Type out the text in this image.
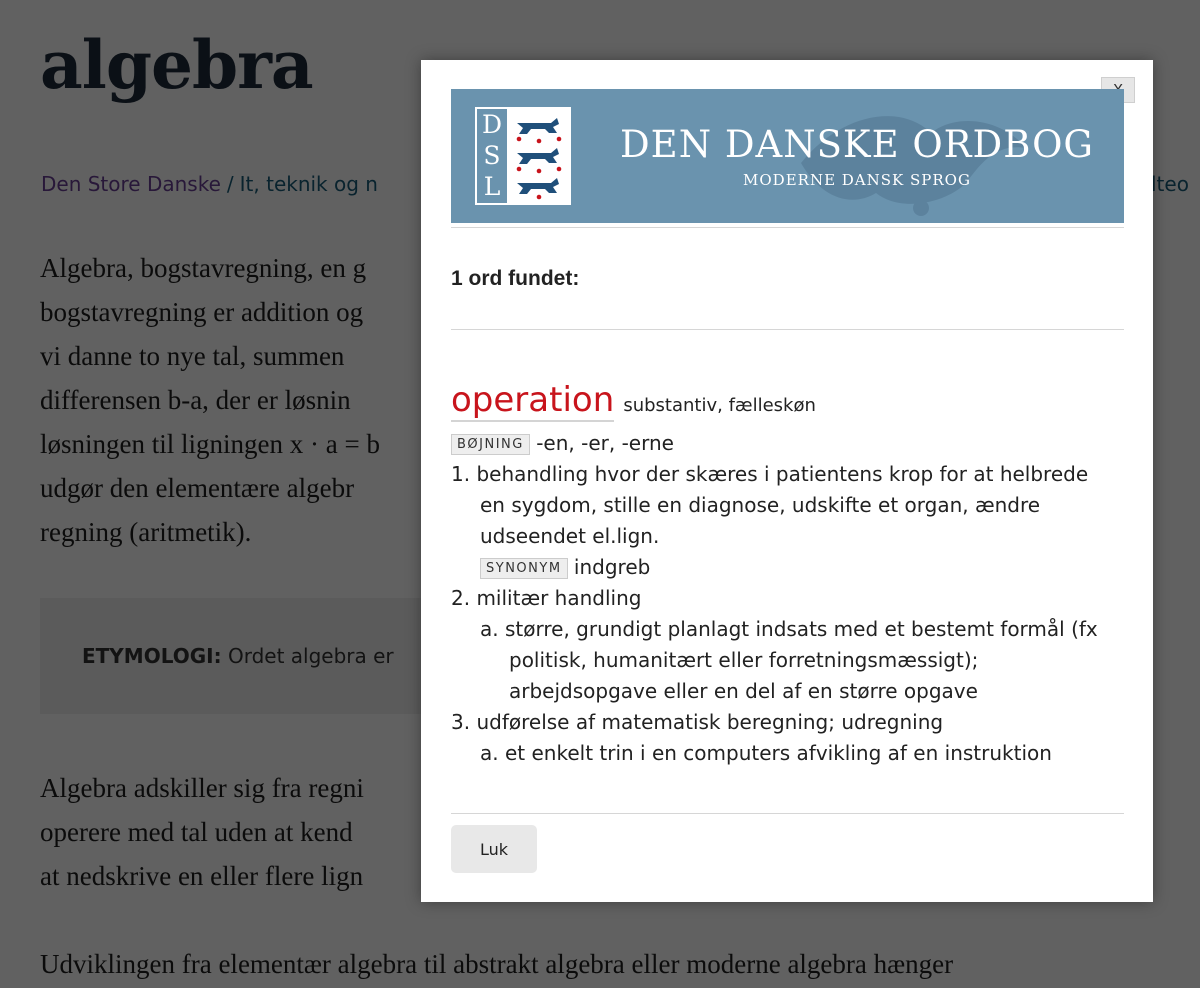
D
S
L
DEN DANSKE ORDBOG
MODERNE DANSK SPROG

1 ord fundet:

operation substantiv, fælleskøn
BØJNING -en, -er, -erne
1. behandling hvor der skæres i patientens krop for at helbrede
en sygdom, stille en diagnose, udskifte et organ, ændre
udseendet el.lign.
SYNONYM indgreb
2. militær handling
a. større, grundigt planlagt indsats med et bestemt formål (fx
politisk, humanitært eller forretningsmæssigt);
arbejdsopgave eller en del af en større opgave
3. udførelse af matematisk beregning; udregning
a. et enkelt trin i en computers afvikling af en instruktion
Luk
